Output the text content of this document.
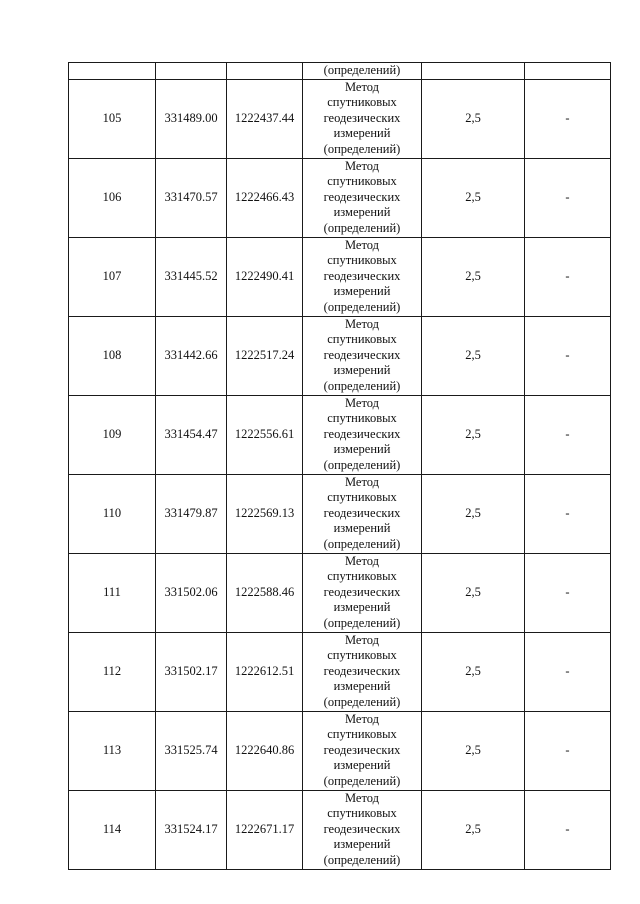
			(определений)		
105	331489.00	1222437.44	Метод
спутниковых
геодезических
измерений
(определений)	2,5	-
106	331470.57	1222466.43	Метод
спутниковых
геодезических
измерений
(определений)	2,5	-
107	331445.52	1222490.41	Метод
спутниковых
геодезических
измерений
(определений)	2,5	-
108	331442.66	1222517.24	Метод
спутниковых
геодезических
измерений
(определений)	2,5	-
109	331454.47	1222556.61	Метод
спутниковых
геодезических
измерений
(определений)	2,5	-
110	331479.87	1222569.13	Метод
спутниковых
геодезических
измерений
(определений)	2,5	-
111	331502.06	1222588.46	Метод
спутниковых
геодезических
измерений
(определений)	2,5	-
112	331502.17	1222612.51	Метод
спутниковых
геодезических
измерений
(определений)	2,5	-
113	331525.74	1222640.86	Метод
спутниковых
геодезических
измерений
(определений)	2,5	-
114	331524.17	1222671.17	Метод
спутниковых
геодезических
измерений
(определений)	2,5	-
